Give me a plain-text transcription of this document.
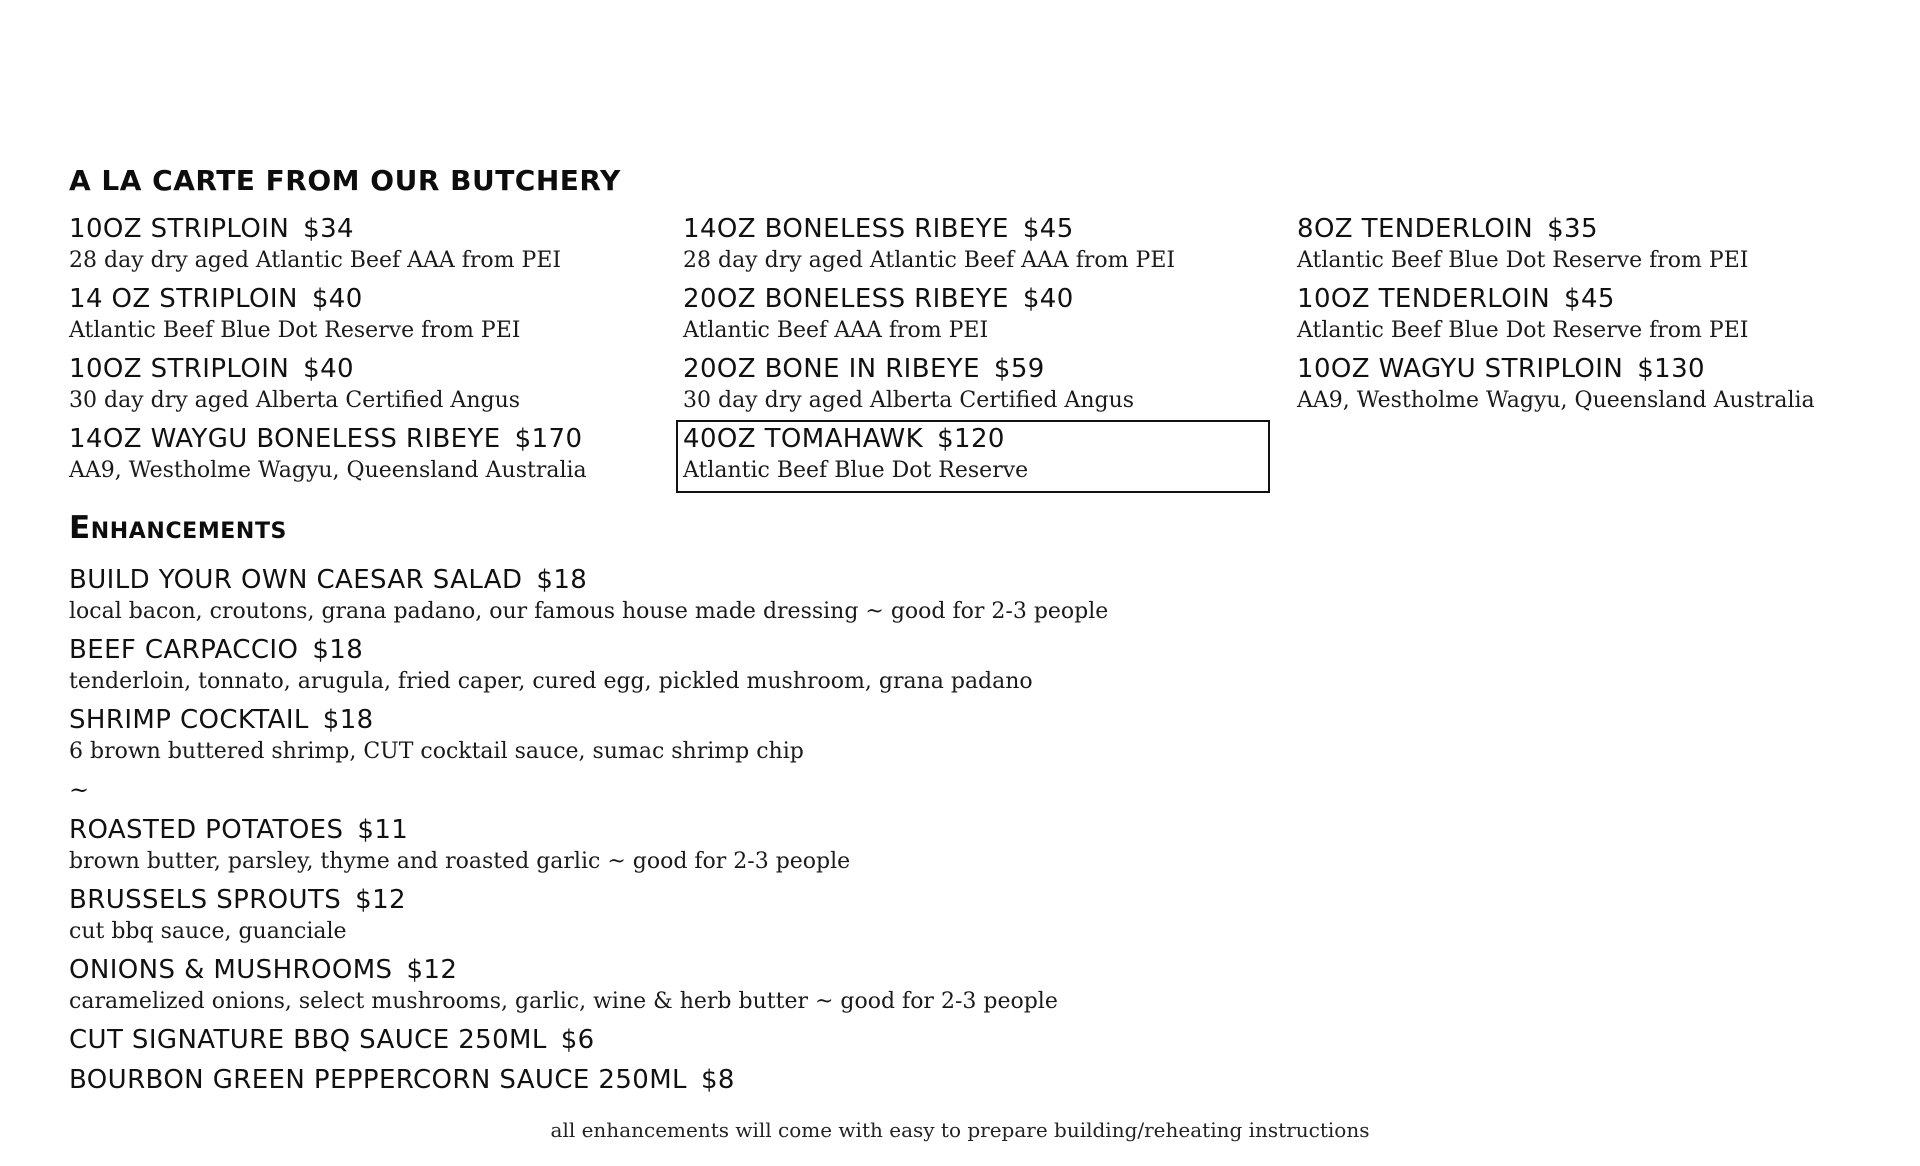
A LA CARTE FROM OUR BUTCHERY
Enhancements
10OZ STRIPLOIN $34
28 day dry aged Atlantic Beef AAA from PEI
14 OZ STRIPLOIN $40
Atlantic Beef Blue Dot Reserve from PEI
10OZ STRIPLOIN $40
30 day dry aged Alberta Certified Angus
14OZ WAYGU BONELESS RIBEYE $170
AA9, Westholme Wagyu, Queensland Australia
14OZ BONELESS RIBEYE $45
28 day dry aged Atlantic Beef AAA from PEI
20OZ BONELESS RIBEYE $40
Atlantic Beef AAA from PEI
20OZ BONE IN RIBEYE $59
30 day dry aged Alberta Certified Angus
40OZ TOMAHAWK $120
Atlantic Beef Blue Dot Reserve
8OZ TENDERLOIN $35
Atlantic Beef Blue Dot Reserve from PEI
10OZ TENDERLOIN $45
Atlantic Beef Blue Dot Reserve from PEI
10OZ WAGYU STRIPLOIN $130
AA9, Westholme Wagyu, Queensland Australia
BUILD YOUR OWN CAESAR SALAD $18
local bacon, croutons, grana padano, our famous house made dressing ~ good for 2-3 people
BEEF CARPACCIO $18
tenderloin, tonnato, arugula, fried caper, cured egg, pickled mushroom, grana padano
SHRIMP COCKTAIL $18
6 brown buttered shrimp, CUT cocktail sauce, sumac shrimp chip
~
ROASTED POTATOES $11
brown butter, parsley, thyme and roasted garlic ~ good for 2-3 people
BRUSSELS SPROUTS $12
cut bbq sauce, guanciale
ONIONS & MUSHROOMS $12
caramelized onions, select mushrooms, garlic, wine & herb butter ~ good for 2-3 people
CUT SIGNATURE BBQ SAUCE 250ML $6
BOURBON GREEN PEPPERCORN SAUCE 250ML $8
all enhancements will come with easy to prepare building/reheating instructions
